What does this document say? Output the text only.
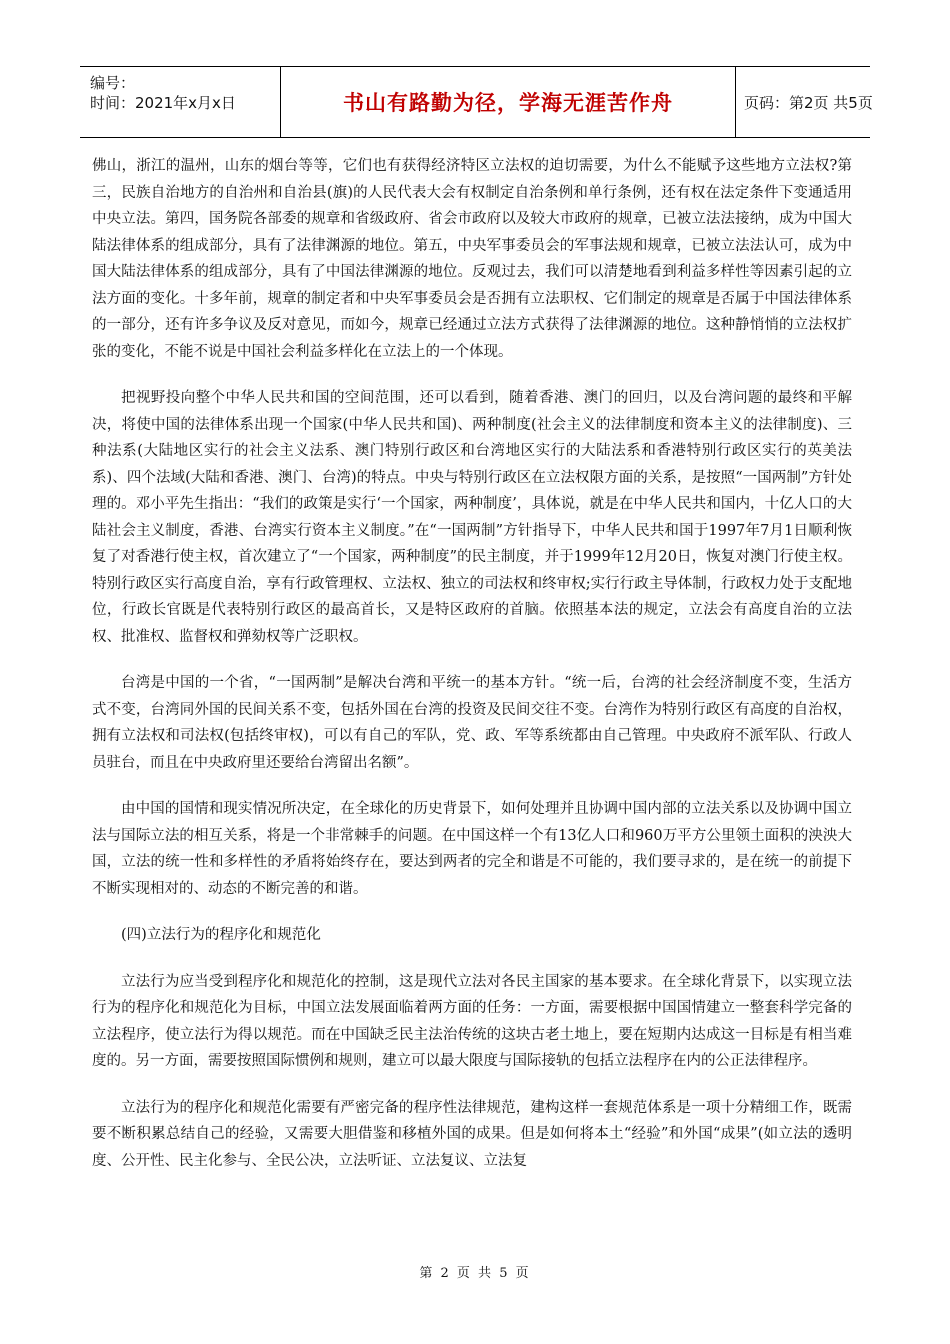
编号：
时间：2021年x月x日	书山有路勤为径，学海无涯苦作舟	页码：第2页 共5页

佛山，浙江的温州，山东的烟台等等，它们也有获得经济特区立法权的迫切需要，为什么不能赋予这些地方立法权?第三，民族自治地方的自治州和自治县(旗)的人民代表大会有权制定自治条例和单行条例，还有权在法定条件下变通适用中央立法。第四，国务院各部委的规章和省级政府、省会市政府以及较大市政府的规章，已被立法法接纳，成为中国大陆法律体系的组成部分，具有了法律渊源的地位。第五，中央军事委员会的军事法规和规章，已被立法法认可，成为中国大陆法律体系的组成部分，具有了中国法律渊源的地位。反观过去，我们可以清楚地看到利益多样性等因素引起的立法方面的变化。十多年前，规章的制定者和中央军事委员会是否拥有立法职权、它们制定的规章是否属于中国法律体系的一部分，还有许多争议及反对意见，而如今，规章已经通过立法方式获得了法律渊源的地位。这种静悄悄的立法权扩张的变化，不能不说是中国社会利益多样化在立法上的一个体现。

把视野投向整个中华人民共和国的空间范围，还可以看到，随着香港、澳门的回归，以及台湾问题的最终和平解决，将使中国的法律体系出现一个国家(中华人民共和国)、两种制度(社会主义的法律制度和资本主义的法律制度)、三种法系(大陆地区实行的社会主义法系、澳门特别行政区和台湾地区实行的大陆法系和香港特别行政区实行的英美法系)、四个法域(大陆和香港、澳门、台湾)的特点。中央与特别行政区在立法权限方面的关系，是按照“一国两制”方针处理的。邓小平先生指出：“我们的政策是实行‘一个国家，两种制度’，具体说，就是在中华人民共和国内，十亿人口的大陆社会主义制度，香港、台湾实行资本主义制度。”在“一国两制”方针指导下，中华人民共和国于1997年7月1日顺利恢复了对香港行使主权，首次建立了“一个国家，两种制度”的民主制度，并于1999年12月20日，恢复对澳门行使主权。特别行政区实行高度自治，享有行政管理权、立法权、独立的司法权和终审权;实行行政主导体制，行政权力处于支配地位，行政长官既是代表特别行政区的最高首长，又是特区政府的首脑。依照基本法的规定，立法会有高度自治的立法权、批准权、监督权和弹劾权等广泛职权。

台湾是中国的一个省，“一国两制”是解决台湾和平统一的基本方针。“统一后，台湾的社会经济制度不变，生活方式不变，台湾同外国的民间关系不变，包括外国在台湾的投资及民间交往不变。台湾作为特别行政区有高度的自治权，拥有立法权和司法权(包括终审权)，可以有自己的军队，党、政、军等系统都由自己管理。中央政府不派军队、行政人员驻台，而且在中央政府里还要给台湾留出名额”。

由中国的国情和现实情况所决定，在全球化的历史背景下，如何处理并且协调中国内部的立法关系以及协调中国立法与国际立法的相互关系，将是一个非常棘手的问题。在中国这样一个有13亿人口和960万平方公里领土面积的泱泱大国，立法的统一性和多样性的矛盾将始终存在，要达到两者的完全和谐是不可能的，我们要寻求的，是在统一的前提下不断实现相对的、动态的不断完善的和谐。

(四)立法行为的程序化和规范化

立法行为应当受到程序化和规范化的控制，这是现代立法对各民主国家的基本要求。在全球化背景下，以实现立法行为的程序化和规范化为目标，中国立法发展面临着两方面的任务：一方面，需要根据中国国情建立一整套科学完备的立法程序，使立法行为得以规范。而在中国缺乏民主法治传统的这块古老土地上，要在短期内达成这一目标是有相当难度的。另一方面，需要按照国际惯例和规则，建立可以最大限度与国际接轨的包括立法程序在内的公正法律程序。

立法行为的程序化和规范化需要有严密完备的程序性法律规范，建构这样一套规范体系是一项十分精细工作，既需要不断积累总结自己的经验，又需要大胆借鉴和移植外国的成果。但是如何将本土“经验”和外国“成果”(如立法的透明度、公开性、民主化参与、全民公决，立法听证、立法复议、立法复

第 2 页 共 5 页
